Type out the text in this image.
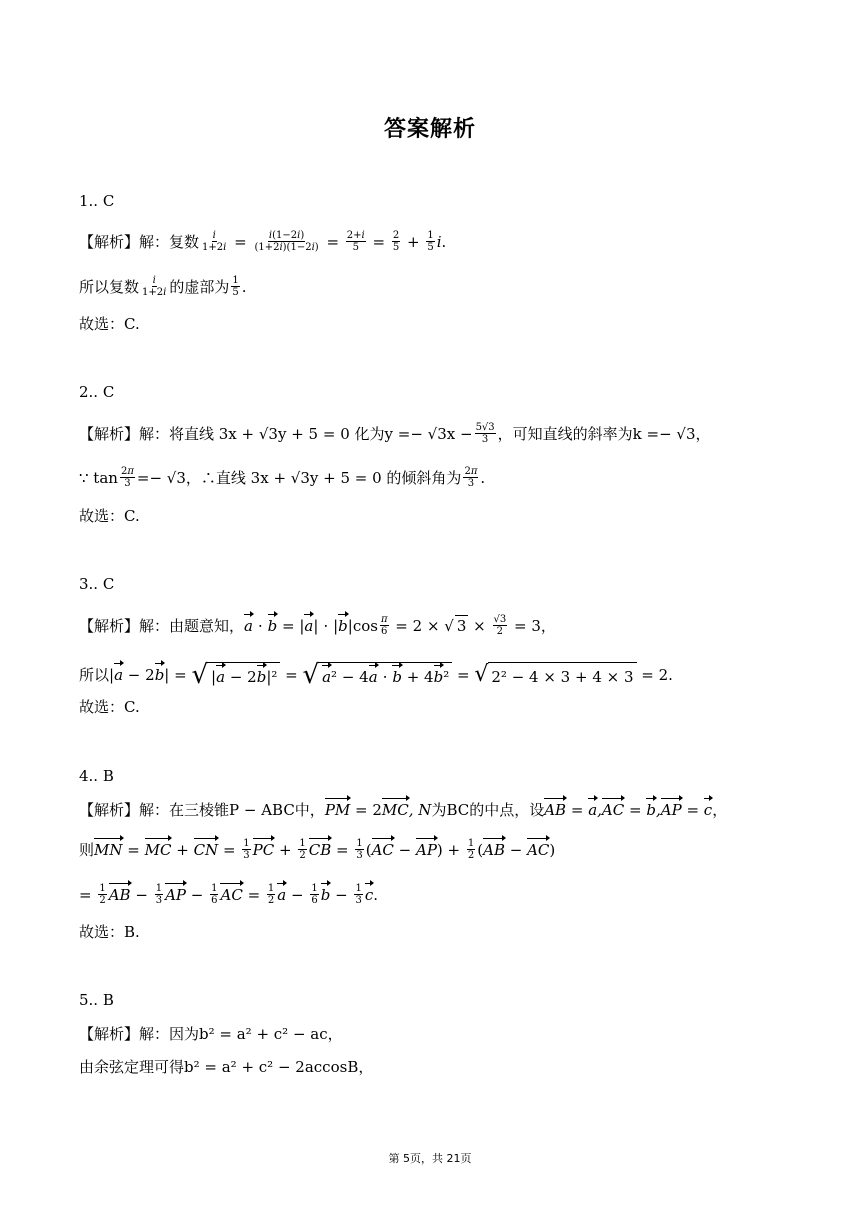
答案解析
1.. C
【解析】解：复数 $\frac{i}{1+2i} = \frac{i(1-2i)}{(1+2i)(1-2i)} = \frac{2+i}{5} = \frac{2}{5} + \frac{1}{5}$ i .
所以复数 $\frac{i}{1+2i}$ 的虚部为 $\frac{1}{5}$ .
故选：C.
2.. C
【解析】解：将直线 3x + √3y + 5 = 0 化为$y =- √3x - \frac{5√3}{3}$ ，可知直线的斜率为k =− √3，
∵ $\tan \frac{2\pi}{3} =- √3$，∴直线 3x + √3y + 5 = 0 的倾斜角为 $\frac{2\pi}{3}$ .
故选：C.
3.. C
【解析】解：由题意知， a ⋅ b = | a | ⋅ | b $|\cos \frac{\pi}{6} = 2$ × √ $3 \times \frac{√3}{2} = 3$，
所以 | a − 2 b | = √ |a − 2b|² = √ a² − 4a ⋅ b + 4b² = √ 2² − 4 × 3 + 4 × 3 = 2.
故选：C.
4.. B
【解析】解：在三棱锥P − ABC中， PM = 2 MC, N 为BC的中点，设 AB = a,AC = b,AP = c ，
则 MN = MC + CN = $\frac{1}{3}$ PC + $\frac{1}{2}$ CB = $\frac{1}{3}$ ( AC − AP ) + $\frac{1}{2}$ ( AB − AC )
= $\frac{1}{2}$ AB − $\frac{1}{3}$ AP − $\frac{1}{6}$ AC = $\frac{1}{2}$ $a - \frac{1}{6}$ $b - \frac{1}{3}$ c .
故选：B.
5.. B
【解析】解：因为b² = a² + c² − ac，
由余弦定理可得b² = a² + c² − 2accosB，
第 5页，共 21页
